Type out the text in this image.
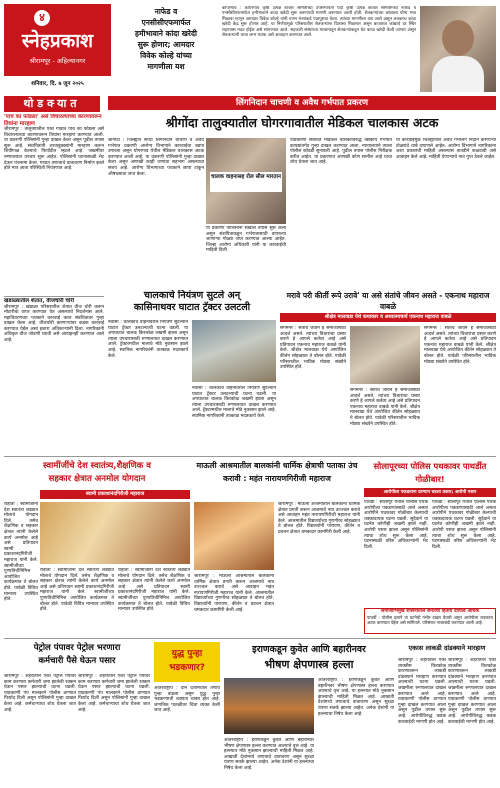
४
स्नेहप्रकाश
श्रीरामपूर - अहिल्यानगर
शनिवार, दि. ७ जून २०२५
नाफेड व
एनसीसीएफमार्फत
हमीभावाने कांदा खरेदी
सुरू होणार; आमदार
विवेक कोल्हे यांच्या
मागणीला यश
कोपरगाव : कोपरगाव कृषी उत्पन्न बाजार समितीच्या उपसभापती पदी कृषी उत्पन्न बाजार समितीमध्ये नाफेड व एनसीसीएफमार्फत हमीभावाने कांदा खरेदी सुरू करण्याची मागणी करण्यात आली होती. शेतकऱ्यांच्या कांद्याला योग्य भाव मिळावा म्हणून आमदार विवेक कोल्हे यांनी पणन मंत्र्यांकडे पाठपुरावा केला. त्यांच्या मागणीला यश आले असून लवकरच कांदा खरेदी केंद्र सुरू होणार आहे. या निर्णयामुळे परिसरातील शेतकऱ्यांना दिलासा मिळणार असून बाजारात कांद्याचे दर स्थिर राहण्यास मदत होईल असे सांगण्यात आले. सहकारी संस्थांच्या माध्यमातून शेतकऱ्यांकडून थेट कांदा खरेदी केली जाणार असून शेतकऱ्यांनी याचा लाभ घ्यावा असे आवाहन करण्यात आले.
थोडक्यात
'पाच का फोडला' असे विचारल्याच्या कारणावरून तिघांना मारहाण
श्रीरामपूर : तालुक्यातील एका गावात पाच का फोडला असे विचारल्याच्या कारणावरून तिघांना मारहाण करण्यात आली. या प्रकरणी पोलिसांनी गुन्हा दाखल केला असून पुढील तपास सुरू आहे. संशयितांनी लाथाबुक्क्यांनी मारहाण करून शिवीगाळ केल्याचे फिर्यादीत म्हटले आहे. जखमींवर रुग्णालयात उपचार सुरू आहेत. पोलिसांनी घटनास्थळी भेट देऊन पंचनामा केला. गावात तणावाचे वातावरण निर्माण झाले होते मात्र आता परिस्थिती नियंत्रणात आहे.
खंडाळ्यातील शेतात, वीजचोरी चोरी
श्रीरामपूर : खंडाळा परिसरातील शेतात वीज चोरी करून मोटारीचा वापर करण्यात येत असल्याचे निदर्शनास आले. महावितरणच्या पथकाने कारवाई करत संबंधितावर गुन्हा दाखल केला आहे. वीजचोरी करणाऱ्यांवर कडक कारवाई करण्यात येईल असा इशारा अधिकाऱ्यांनी दिला. नागरिकांनी अधिकृत वीज जोडणी घ्यावी असे आवाहनही करण्यात आले आहे.
लिंगनिदान चाचणी व अवैध गर्भपात प्रकरण
श्रीगोंदा तालुक्यातील घोगरगावातील मेडिकल चालकास अटक
श्रीगोंदा : जिल्ह्यात सध्या लिंगनिदान चाचणी व अवैध गर्भपात प्रकरणी आरोग्य विभागाने कारवाईचा बडगा उगारला असून घोगरगाव येथील मेडिकल चालकास अटक करण्यात आली आहे. या प्रकरणी पोलिसांनी गुन्हा दाखल केला असून आणखी काही जणांचा सहभाग असल्याचा संशय आहे. आरोग्य विभागाच्या पथकाने छापा टाकून औषधसाठा जप्त केला.	चालक वाहनासह रोल सील मारतान
या प्रकरणी पोलिसांनी सखोल तपास सुरू केला असून संशयिताकडून गर्भपातासाठी वापरल्या जाणाऱ्या गोळ्या जप्त करण्यात आल्या आहेत. जिल्हा आरोग्य अधिकारी यांनी या कारवाईची माहिती दिली.
याप्रकरणी संबंधित मेडिकल चालकाविरुद्ध वैद्यकीय गर्भपात कायद्यांतर्गत गुन्हा दाखल करण्यात आला. न्यायालयाने त्याला पोलीस कोठडी सुनावली आहे. पुढील तपास पोलीस निरीक्षक करीत आहेत. या प्रकरणात आणखी कोण सामील आहे याचा शोध घेतला जात आहे.
या कारवाईमुळे जिल्ह्यातील अवैध गर्भलिंग निदान करणाऱ्या टोळ्यांचे धाबे दणाणले आहेत. आरोग्य विभागाने नागरिकांना अशा प्रकारांची माहिती असल्यास तातडीने कळवावी असे आवाहन केले आहे. माहिती देणाऱ्याचे नाव गुप्त ठेवले जाईल.
चालकाचे नियंत्रण सुटले अन्
कासिनाथवर घाटात ट्रॅक्टर उलटली
नेवासा : चालकाचे वाहनावरील नियंत्रण सुटल्याने घाटात ट्रॅक्टर उलटल्याची घटना घडली. या अपघातात चालक किरकोळ जखमी झाला असून त्याला उपचारासाठी रुग्णालयात दाखल करण्यात आले. ट्रॅक्टरमधील मालाचे मोठे नुकसान झाले आहे. स्थानिक नागरिकांनी तात्काळ मदतकार्य केले.
नेवासा : चालकाचे वाहनावरील नियंत्रण सुटल्याने घाटात ट्रॅक्टर उलटल्याची घटना घडली. या अपघातात चालक किरकोळ जखमी झाला असून त्याला उपचारासाठी रुग्णालयात दाखल करण्यात आले. ट्रॅक्टरमधील मालाचे मोठे नुकसान झाले आहे. स्थानिक नागरिकांनी तात्काळ मदतकार्य केले.
मरावे परी कीर्ती रूपे उरावे' या असे संतांचे जीवन असते - एकनाथ महाराज वाबळे
श्रीक्षेत्र मालवाडा येथे कथाकार व अध्यात्माचार्य एकनाथ महाराज वाबळे
संगमनेर : संतांचे जीवन हे समाजासाठी आदर्श असते. त्यांच्या विचारांचा प्रसार करणे हे आपले कर्तव्य आहे असे प्रतिपादन एकनाथ महाराज वाबळे यांनी केले. श्रीक्षेत्र मालवाडा येथे आयोजित कीर्तन सोहळ्यात ते बोलत होते. यावेळी परिसरातील भाविक मोठ्या संख्येने उपस्थित होते.
संगमनेर : संतांचे जीवन हे समाजासाठी आदर्श असते. त्यांच्या विचारांचा प्रसार करणे हे आपले कर्तव्य आहे असे प्रतिपादन एकनाथ महाराज वाबळे यांनी केले. श्रीक्षेत्र मालवाडा येथे आयोजित कीर्तन सोहळ्यात ते बोलत होते. यावेळी परिसरातील भाविक मोठ्या संख्येने उपस्थित होते.
संगमनेर : संतांचे जीवन हे समाजासाठी आदर्श असते. त्यांच्या विचारांचा प्रसार करणे हे आपले कर्तव्य आहे असे प्रतिपादन एकनाथ महाराज वाबळे यांनी केले. श्रीक्षेत्र मालवाडा येथे आयोजित कीर्तन सोहळ्यात ते बोलत होते. यावेळी परिसरातील भाविक मोठ्या संख्येने उपस्थित होते.
स्वामींजींचे देश स्वातंत्र्य,शैक्षणिक व
सहकार क्षेत्रात अनमोल योगदान
स्वामी प्रकाशानंदगिरीजी महाराज
राहाता : स्वामीजींनी देश स्वातंत्र्य लढ्यात मोलाचे योगदान दिले. तसेच शैक्षणिक व सहकार क्षेत्रात त्यांनी केलेले कार्य अनमोल आहे असे प्रतिपादन स्वामी प्रकाशानंदगिरीजी महाराज यांनी केले. स्वामीजींच्या पुण्यतिथीनिमित्त आयोजित कार्यक्रमात ते बोलत होते. यावेळी विविध मान्यवर उपस्थित होते.
राहाता : स्वामीजींनी देश स्वातंत्र्य लढ्यात मोलाचे योगदान दिले. तसेच शैक्षणिक व सहकार क्षेत्रात त्यांनी केलेले कार्य अनमोल आहे असे प्रतिपादन स्वामी प्रकाशानंदगिरीजी महाराज यांनी केले. स्वामीजींच्या पुण्यतिथीनिमित्त आयोजित कार्यक्रमात ते बोलत होते. यावेळी विविध मान्यवर उपस्थित होते.
राहाता : स्वामीजींनी देश स्वातंत्र्य लढ्यात मोलाचे योगदान दिले. तसेच शैक्षणिक व सहकार क्षेत्रात त्यांनी केलेले कार्य अनमोल आहे असे प्रतिपादन स्वामी प्रकाशानंदगिरीजी महाराज यांनी केले. स्वामीजींच्या पुण्यतिथीनिमित्त आयोजित कार्यक्रमात ते बोलत होते. यावेळी विविध मान्यवर उपस्थित होते.
माऊली आश्रमातील बालकांनी धार्मिक क्षेत्राची पताका उंच करावी : महंत नारायणगिरीजी महाराज
श्रीरामपूर : माऊली आश्रमातील बालकांनी धार्मिक क्षेत्रात प्रगती करून आश्रमाचे नाव उज्ज्वल करावे असे आवाहन महंत नारायणगिरीजी महाराज यांनी केले. आश्रमातील विद्यार्थ्यांच्या गुणगौरव सोहळ्यात ते बोलत होते. विद्यार्थ्यांनी पारायण, कीर्तन व प्रवचन क्षेत्रात चमकदार कामगिरी केली आहे.
श्रीरामपूर : माऊली आश्रमातील बालकांनी धार्मिक क्षेत्रात प्रगती करून आश्रमाचे नाव उज्ज्वल करावे असे आवाहन महंत नारायणगिरीजी महाराज यांनी केले. आश्रमातील विद्यार्थ्यांच्या गुणगौरव सोहळ्यात ते बोलत होते. विद्यार्थ्यांनी पारायण, कीर्तन व प्रवचन क्षेत्रात चमकदार कामगिरी केली आहे.
सोलापूरच्या पोलिस पथकावर पाथर्डीत गोळीबार!
आरोपीला पकडताना दरम्यान घडला प्रकार; आरोपी पसार
पाथर्डी : सोलापूर येथील पोलीस पथक आरोपीला पकडण्यासाठी आले असता आरोपीने पथकावर गोळीबार केल्याची धक्कादायक घटना घडली. सुदैवाने या घटनेत कोणीही जखमी झाले नाही. आरोपी पसार झाला असून पोलिसांनी त्याचा शोध सुरू केला आहे. घटनास्थळी वरिष्ठ अधिकाऱ्यांनी भेट दिली.
पाथर्डी : सोलापूर येथील पोलीस पथक आरोपीला पकडण्यासाठी आले असता आरोपीने पथकावर गोळीबार केल्याची धक्कादायक घटना घडली. सुदैवाने या घटनेत कोणीही जखमी झाले नाही. आरोपी पसार झाला असून पोलिसांनी त्याचा शोध सुरू केला आहे. घटनास्थळी वरिष्ठ अधिकाऱ्यांनी भेट दिली.
समाजाभिमुख शासनातील जनतेचा हिताय दायित्व अधिक
पाथर्डी : पोलीस दलाने या घटनेची गंभीर दखल घेतली असून आरोपीला लवकरच अटक करण्यात येईल असे सांगितले. परिसरात नाकाबंदी करण्यात आली आहे.
पेट्रोल पंपावर पेट्रोल भरणारा
कर्मचारी पैसे घेऊन पसार
श्रीरामपूर : शहरातील एका पेट्रोल पंपावर काम करणारा कर्मचारी जमा झालेली रक्कम घेऊन पसार झाल्याची घटना घडली. याप्रकरणी पंप मालकाने पोलीस ठाण्यात फिर्याद दिली असून पोलिसांनी गुन्हा दाखल केला आहे. कर्मचाऱ्याचा शोध घेतला जात आहे.
श्रीरामपूर : शहरातील एका पेट्रोल पंपावर काम करणारा कर्मचारी जमा झालेली रक्कम घेऊन पसार झाल्याची घटना घडली. याप्रकरणी पंप मालकाने पोलीस ठाण्यात फिर्याद दिली असून पोलिसांनी गुन्हा दाखल केला आहे. कर्मचाऱ्याचा शोध घेतला जात आहे.
युद्ध पुन्हा
भडकणार?
आंतरराष्ट्रीय : दोन देशांमधील तणाव पुन्हा वाढला असून युद्ध पुन्हा भडकण्याची शक्यता व्यक्त होत आहे. जागतिक पातळीवर चिंता व्यक्त केली जात आहे.
इराणकडून कुवेत आणि बहारीनवर
भीषण क्षेपणास्त्र हल्ला
आंतरराष्ट्रीय : इराणकडून कुवेत आणि बहारीनवर भीषण क्षेपणास्त्र हल्ला करण्यात आल्याचे वृत्त आहे. या हल्ल्यात मोठे नुकसान झाल्याची माहिती मिळत आहे. आखाती देशांमध्ये तणावाचे वातावरण असून सुरक्षा यंत्रणा सतर्क झाल्या आहेत. अनेक देशांनी या हल्ल्याचा निषेध केला आहे.
आंतरराष्ट्रीय : इराणकडून कुवेत आणि बहारीनवर भीषण क्षेपणास्त्र हल्ला करण्यात आल्याचे वृत्त आहे. या हल्ल्यात मोठे नुकसान झाल्याची माहिती मिळत आहे. आखाती देशांमध्ये तणावाचे वातावरण असून सुरक्षा यंत्रणा सतर्क झाल्या आहेत. अनेक देशांनी या हल्ल्याचा निषेध केला आहे.
एकास लाकडी दांडक्याने मारहाण
श्रीरामपूर : शहरातील एका व्यक्तीस किरकोळ कारणावरून लाकडी दांडक्याने मारहाण करण्यात आल्याची घटना घडली. जखमीला रुग्णालयात दाखल करण्यात आले आहे. याप्रकरणी पोलीस ठाण्यात गुन्हा दाखल करण्यात आला असून पुढील तपास सुरू आहे. आरोपीविरुद्ध कडक कारवाईची मागणी होत आहे.
श्रीरामपूर : शहरातील एका व्यक्तीस किरकोळ कारणावरून लाकडी दांडक्याने मारहाण करण्यात आल्याची घटना घडली. जखमीला रुग्णालयात दाखल करण्यात आले आहे. याप्रकरणी पोलीस ठाण्यात गुन्हा दाखल करण्यात आला असून पुढील तपास सुरू आहे. आरोपीविरुद्ध कडक कारवाईची मागणी होत आहे.
